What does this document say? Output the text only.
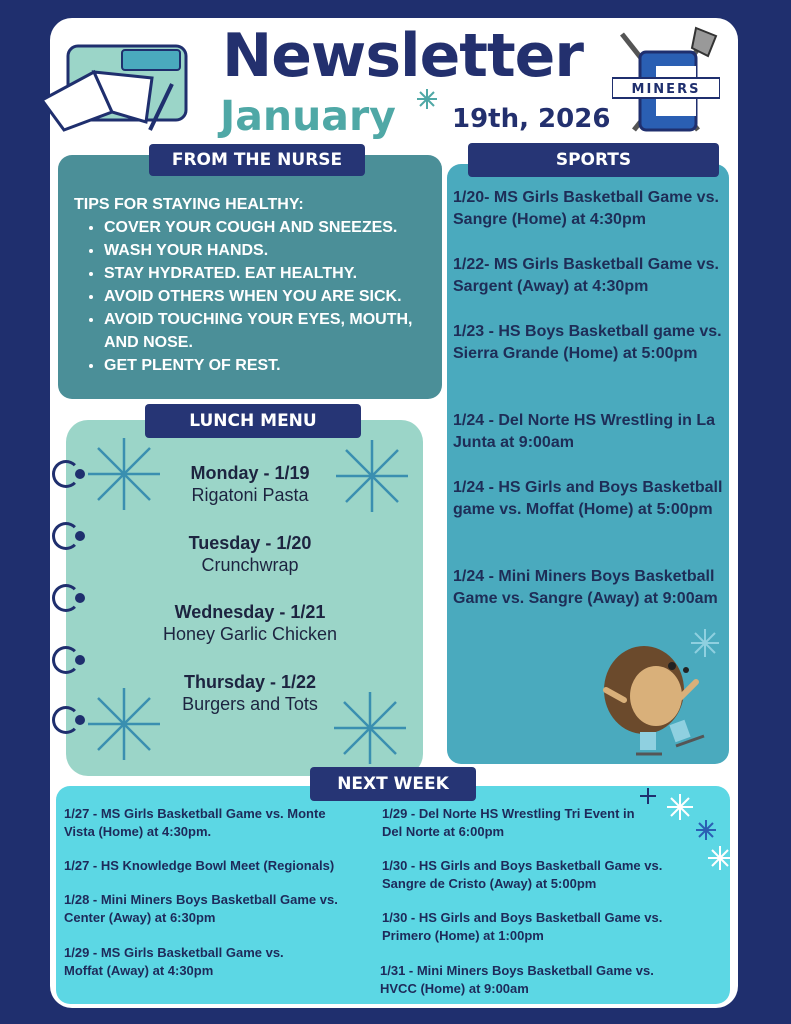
Newsletter
January 19th, 2026
MINERS
TIPS FOR STAYING HEALTHY:
• COVER YOUR COUGH AND SNEEZES.
• WASH YOUR HANDS.
• STAY HYDRATED. EAT HEALTHY.
• AVOID OTHERS WHEN YOU ARE SICK.
• AVOID TOUCHING YOUR EYES, MOUTH, AND NOSE.
• GET PLENTY OF REST.
FROM THE NURSE
LUNCH MENU
Monday - 1/19
Rigatoni Pasta
Tuesday - 1/20
Crunchwrap
Wednesday - 1/21
Honey Garlic Chicken
Thursday - 1/22
Burgers and Tots
SPORTS
1/20- MS Girls Basketball Game vs. Sangre (Home) at 4:30pm
1/22- MS Girls Basketball Game vs. Sargent (Away) at 4:30pm
1/23 - HS Boys Basketball game vs. Sierra Grande (Home) at 5:00pm
1/24 - Del Norte HS Wrestling in La Junta at 9:00am
1/24 - HS Girls and Boys Basketball game vs. Moffat (Home) at 5:00pm
1/24 - Mini Miners Boys Basketball Game vs. Sangre (Away) at 9:00am
NEXT WEEK
1/27 - MS Girls Basketball Game vs. Monte Vista (Home) at 4:30pm.
1/27 - HS Knowledge Bowl Meet (Regionals)
1/28 - Mini Miners Boys Basketball Game vs. Center (Away) at 6:30pm
1/29 - MS Girls Basketball Game vs. Moffat (Away) at 4:30pm
1/29 - Del Norte HS Wrestling Tri Event in Del Norte at 6:00pm
1/30 - HS Girls and Boys Basketball Game vs. Sangre de Cristo (Away) at 5:00pm
1/30 - HS Girls and Boys Basketball Game vs. Primero (Home) at 1:00pm
1/31 - Mini Miners Boys Basketball Game vs. HVCC (Home) at 9:00am
